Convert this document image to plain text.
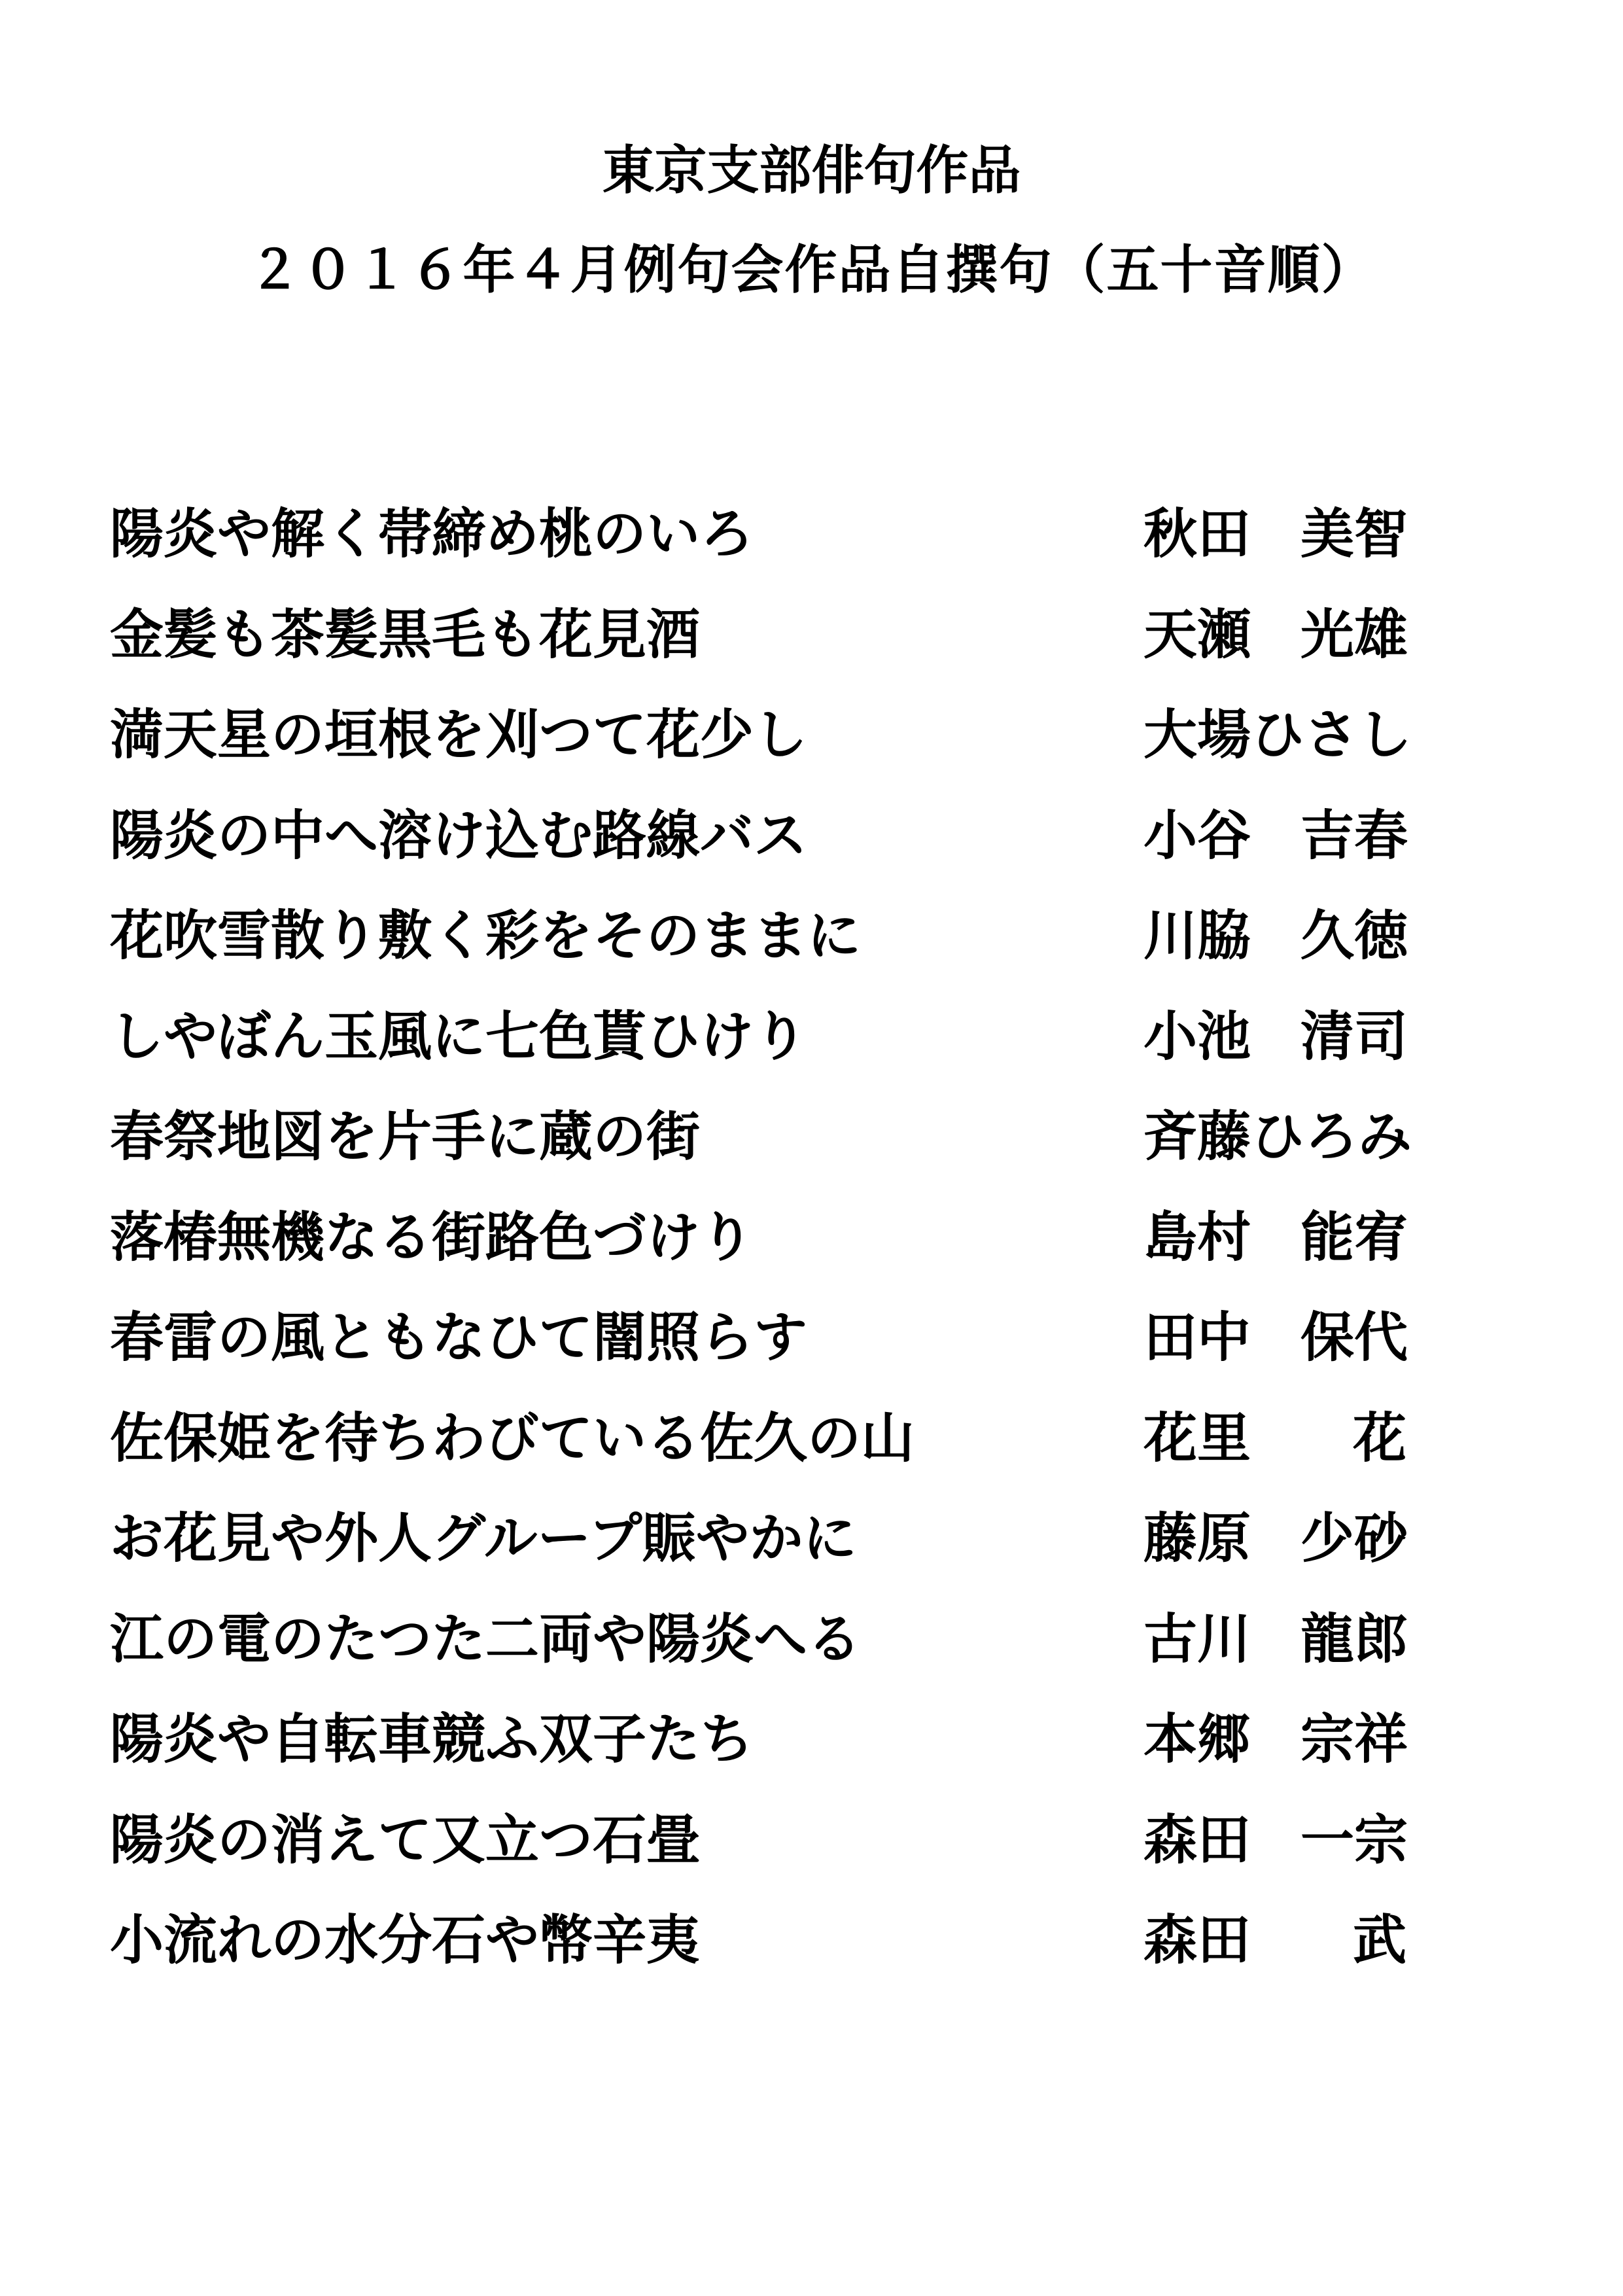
東京支部俳句作品
２０１６年４月例句会作品自撰句（五十音順）
陽炎や解く帯締め桃のいろ	秋田 美智
金髪も茶髪黒毛も花見酒	天瀬 光雄
満天星の垣根を刈つて花少し	大場ひさし
陽炎の中へ溶け込む路線バス	小谷 吉春
花吹雪散り敷く彩をそのままに	川脇 久徳
しやぼん玉風に七色貰ひけり	小池 清司
春祭地図を片手に蔵の街	斉藤ひろみ
落椿無機なる街路色づけり	島村 能宥
春雷の風ともなひて闇照らす	田中 保代
佐保姫を待ちわびている佐久の山	花里 花
お花見や外人グループ賑やかに	藤原 少砂
江の電のたつた二両や陽炎へる	古川 龍郎
陽炎や自転車競ふ双子たち	本郷 宗祥
陽炎の消えて又立つ石畳	森田 一宗
小流れの水分石や幣辛夷	森田 武
